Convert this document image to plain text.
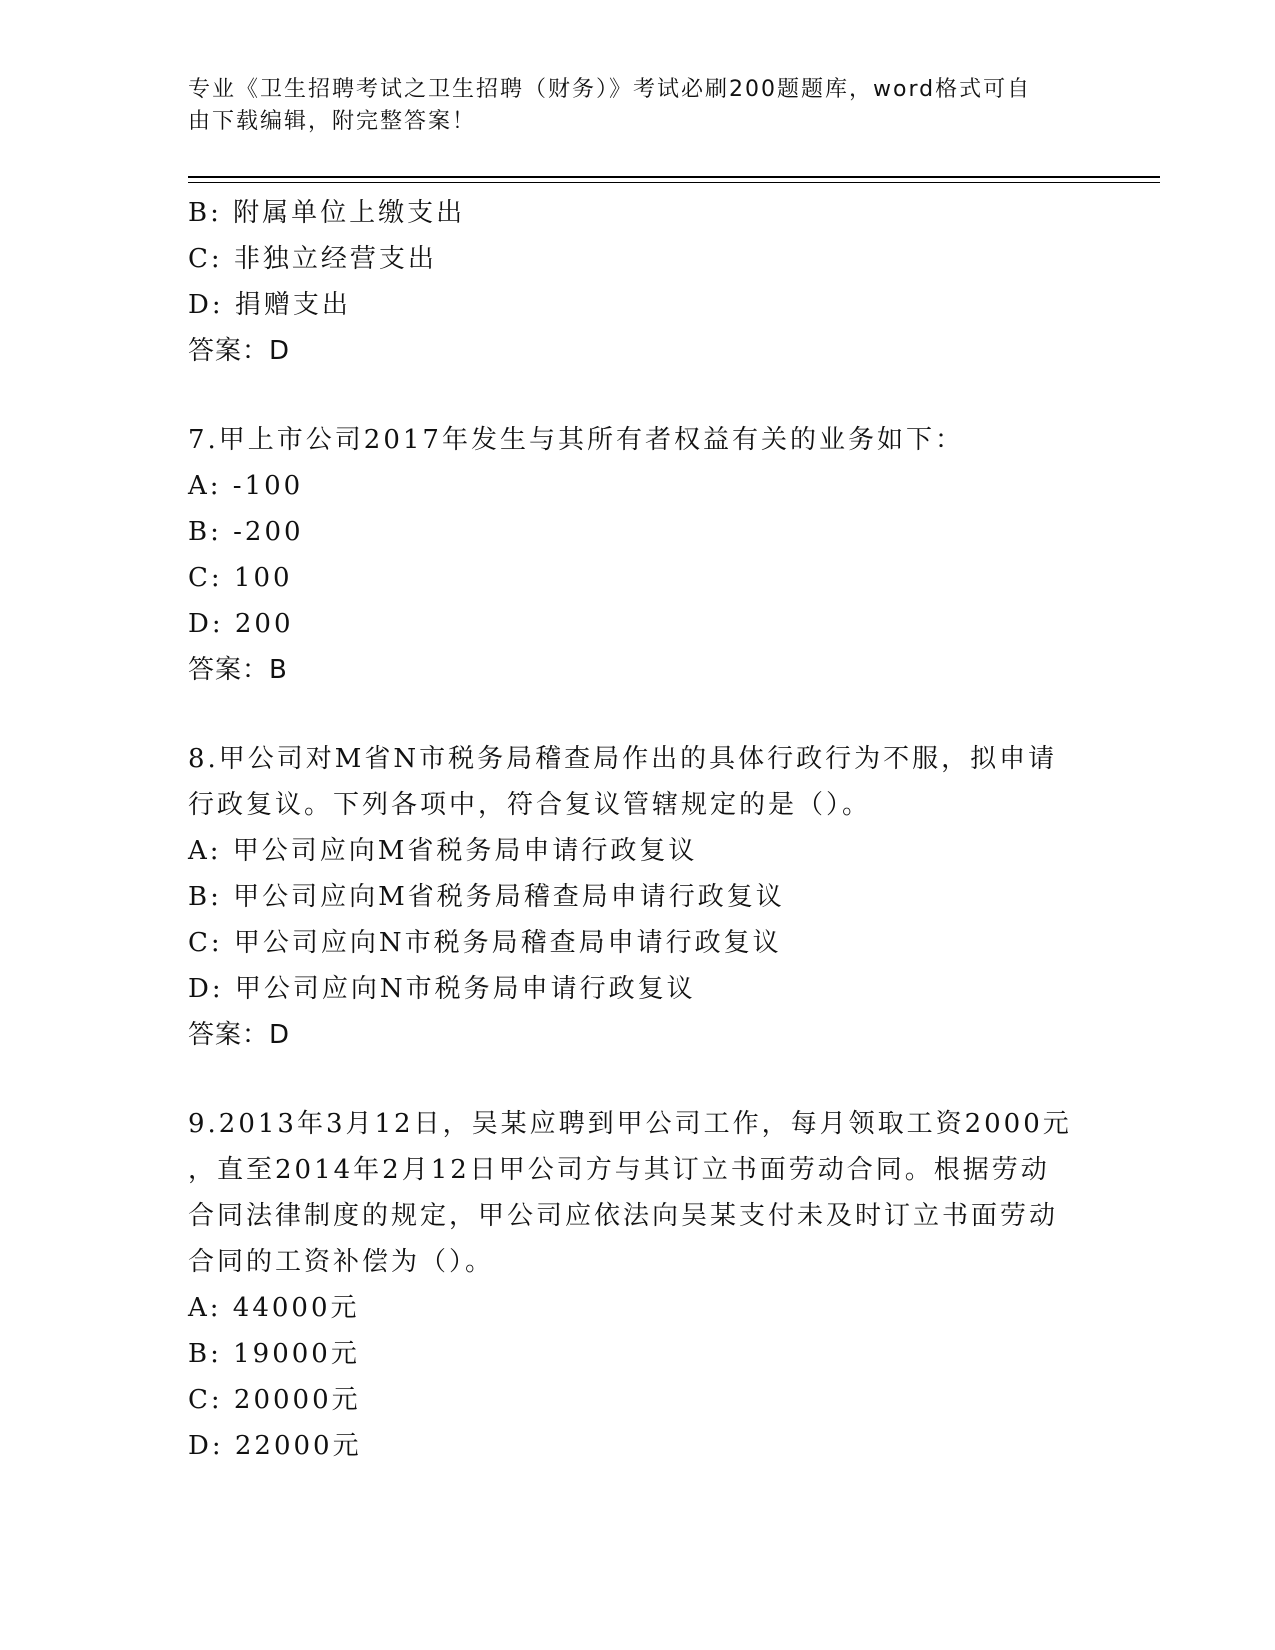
专业《卫生招聘考试之卫生招聘（财务）》考试必刷200题题库，word格式可自
由下载编辑，附完整答案！

B: 附属单位上缴支出

C: 非独立经营支出

D: 捐赠支出

答案：D

7.甲上市公司2017年发生与其所有者权益有关的业务如下：

A: -100

B: -200

C: 100

D: 200

答案：B

8.甲公司对M省N市税务局稽查局作出的具体行政行为不服，拟申请

行政复议。下列各项中，符合复议管辖规定的是（）。

A: 甲公司应向M省税务局申请行政复议

B: 甲公司应向M省税务局稽查局申请行政复议

C: 甲公司应向N市税务局稽查局申请行政复议

D: 甲公司应向N市税务局申请行政复议

答案：D

9.2013年3月12日，吴某应聘到甲公司工作，每月领取工资2000元

，直至2014年2月12日甲公司方与其订立书面劳动合同。根据劳动

合同法律制度的规定，甲公司应依法向吴某支付未及时订立书面劳动

合同的工资补偿为（）。

A: 44000元

B: 19000元

C: 20000元

D: 22000元
